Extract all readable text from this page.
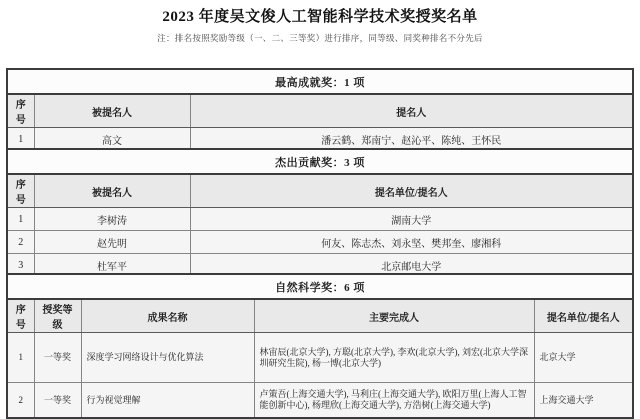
2023 年度吴文俊人工智能科学技术奖授奖名单
注：排名按照奖励等级（一、二、三等奖）进行排序，同等级、同奖种排名不分先后
最高成就奖：1 项		
序号	被提名人	提名人
1	高文	潘云鹤、郑南宁、赵沁平、陈纯、王怀民
杰出贡献奖：3 项		
序号	被提名人	提名单位/提名人
1	李树涛	湖南大学
2	赵先明	何友、陈志杰、刘永坚、樊邦奎、廖湘科
3	杜军平	北京邮电大学
自然科学奖：6 项				
序号	授奖等级	成果名称	主要完成人	提名单位/提名人
1	一等奖	深度学习网络设计与优化算法	林宙辰(北京大学), 方聪(北京大学), 李欢(北京大学), 刘宏(北京大学深圳研究生院), 杨一博(北京大学)	北京大学
2	一等奖	行为视觉理解	卢策吾(上海交通大学), 马利庄(上海交通大学), 欧阳万里(上海人工智能创新中心), 杨理欣(上海交通大学), 方浩树(上海交通大学)	上海交通大学
